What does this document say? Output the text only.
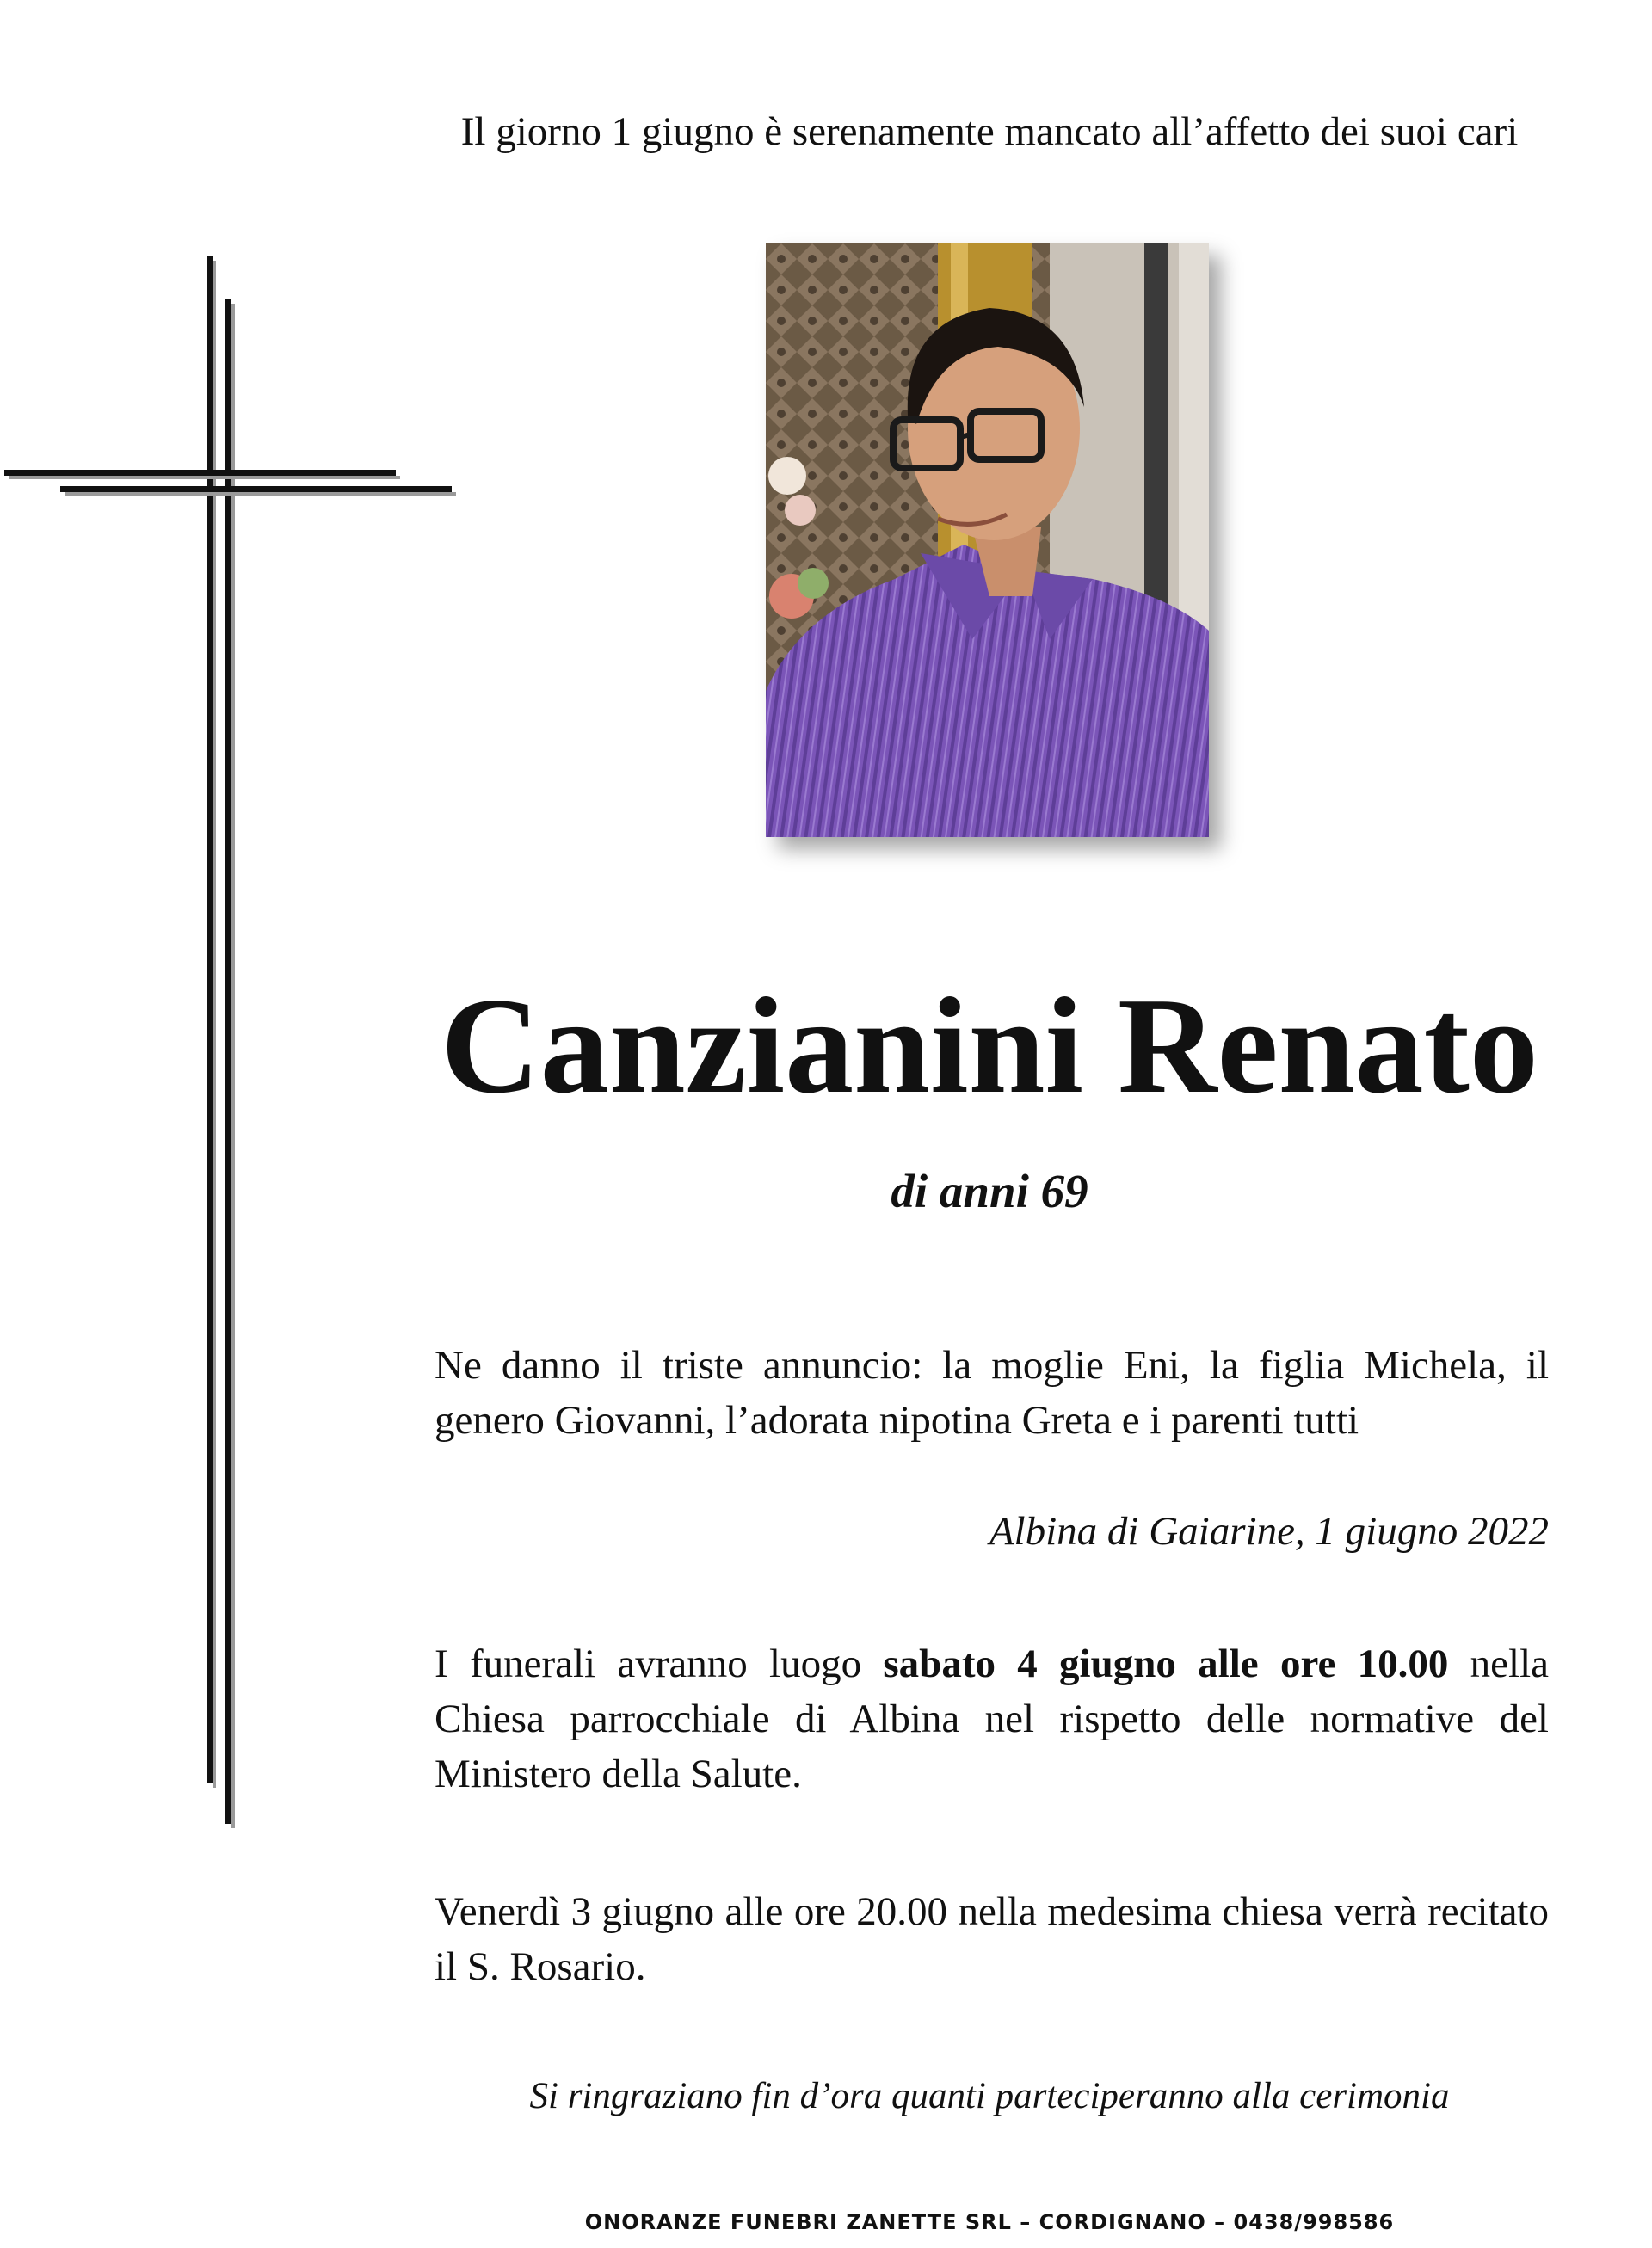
Il giorno 1 giugno è serenamente mancato all’affetto dei suoi cari
Canzianini Renato
di anni 69
Ne danno il triste annuncio: la moglie Eni, la figlia Michela, il genero Giovanni, l’adorata nipotina Greta e i parenti tutti
Albina di Gaiarine, 1 giugno 2022
I funerali avranno luogo sabato 4 giugno alle ore 10.00 nella Chiesa parrocchiale di Albina nel rispetto delle normative del Ministero della Salute.
Venerdì 3 giugno alle ore 20.00 nella medesima chiesa verrà recitato il S. Rosario.
Si ringraziano fin d’ora quanti parteciperanno alla cerimonia
ONORANZE FUNEBRI ZANETTE SRL – CORDIGNANO – 0438/998586
